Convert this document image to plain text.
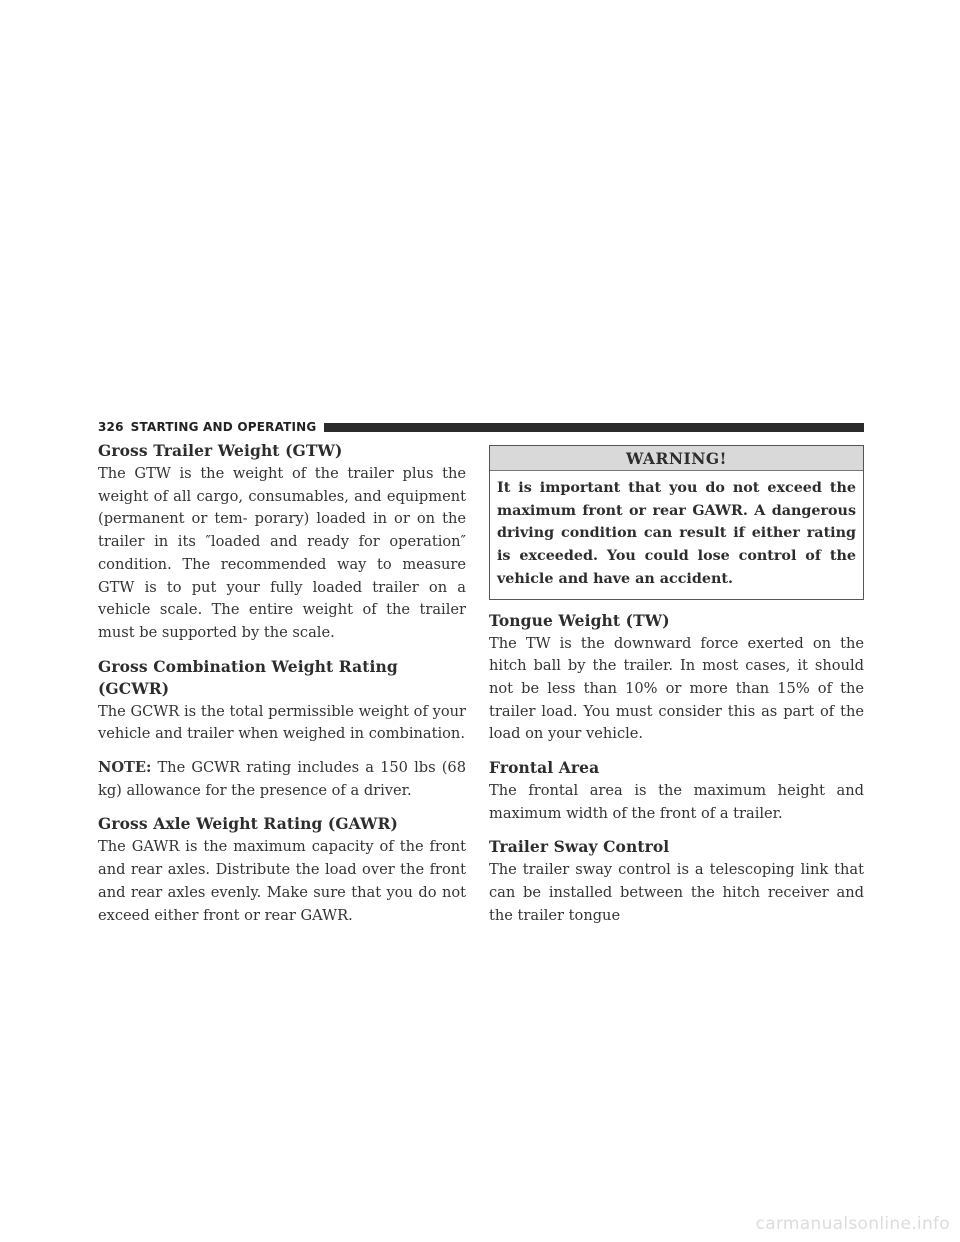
326 STARTING AND OPERATING
Gross Trailer Weight (GTW)

The GTW is the weight of the trailer plus the weight of all cargo, consumables, and equipment (permanent or tem- porary) loaded in or on the trailer in its ″loaded and ready for operation″ condition. The recommended way to measure GTW is to put your fully loaded trailer on a vehicle scale. The entire weight of the trailer must be supported by the scale.

Gross Combination Weight Rating (GCWR)

The GCWR is the total permissible weight of your vehicle and trailer when weighed in combination.

NOTE: The GCWR rating includes a 150 lbs (68 kg) allowance for the presence of a driver.

Gross Axle Weight Rating (GAWR)

The GAWR is the maximum capacity of the front and rear axles. Distribute the load over the front and rear axles evenly. Make sure that you do not exceed either front or rear GAWR.

WARNING!
It is important that you do not exceed the maximum front or rear GAWR. A dangerous driving condition can result if either rating is exceeded. You could lose control of the vehicle and have an accident.
Tongue Weight (TW)

The TW is the downward force exerted on the hitch ball by the trailer. In most cases, it should not be less than 10% or more than 15% of the trailer load. You must consider this as part of the load on your vehicle.

Frontal Area

The frontal area is the maximum height and maximum width of the front of a trailer.

Trailer Sway Control

The trailer sway control is a telescoping link that can be installed between the hitch receiver and the trailer tongue

carmanualsonline.info
